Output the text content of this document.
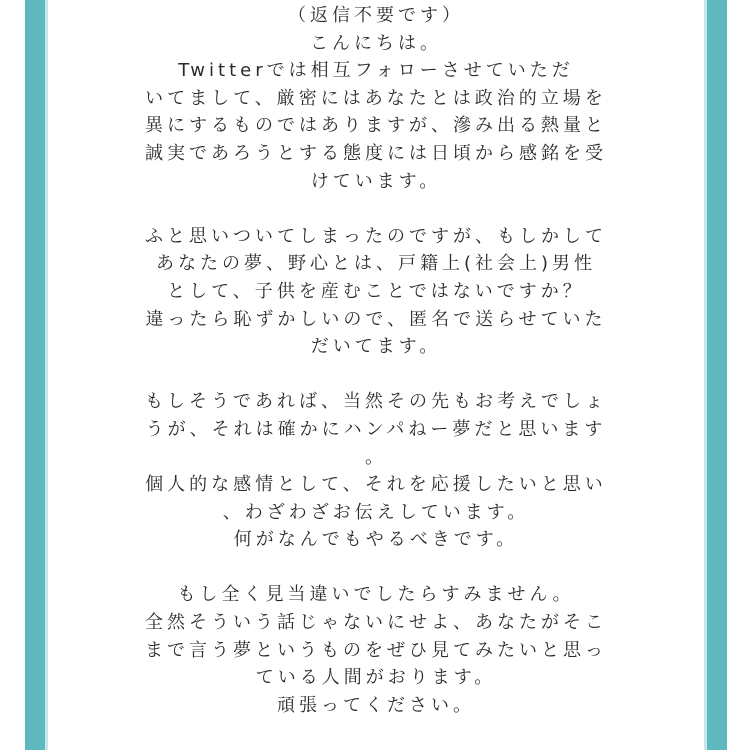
（返信不要です）
こんにちは。
Twitterでは相互フォローさせていただ
いてまして、厳密にはあなたとは政治的立場を
異にするものではありますが、滲み出る熱量と
誠実であろうとする態度には日頃から感銘を受
けています。
ふと思いついてしまったのですが、もしかして
あなたの夢、野心とは、戸籍上(社会上)男性
として、子供を産むことではないですか？
違ったら恥ずかしいので、匿名で送らせていた
だいてます。
もしそうであれば、当然その先もお考えでしょ
うが、それは確かにハンパねー夢だと思います
。
個人的な感情として、それを応援したいと思い
、わざわざお伝えしています。
何がなんでもやるべきです。
もし全く見当違いでしたらすみません。
全然そういう話じゃないにせよ、あなたがそこ
まで言う夢というものをぜひ見てみたいと思っ
ている人間がおります。
頑張ってください。
